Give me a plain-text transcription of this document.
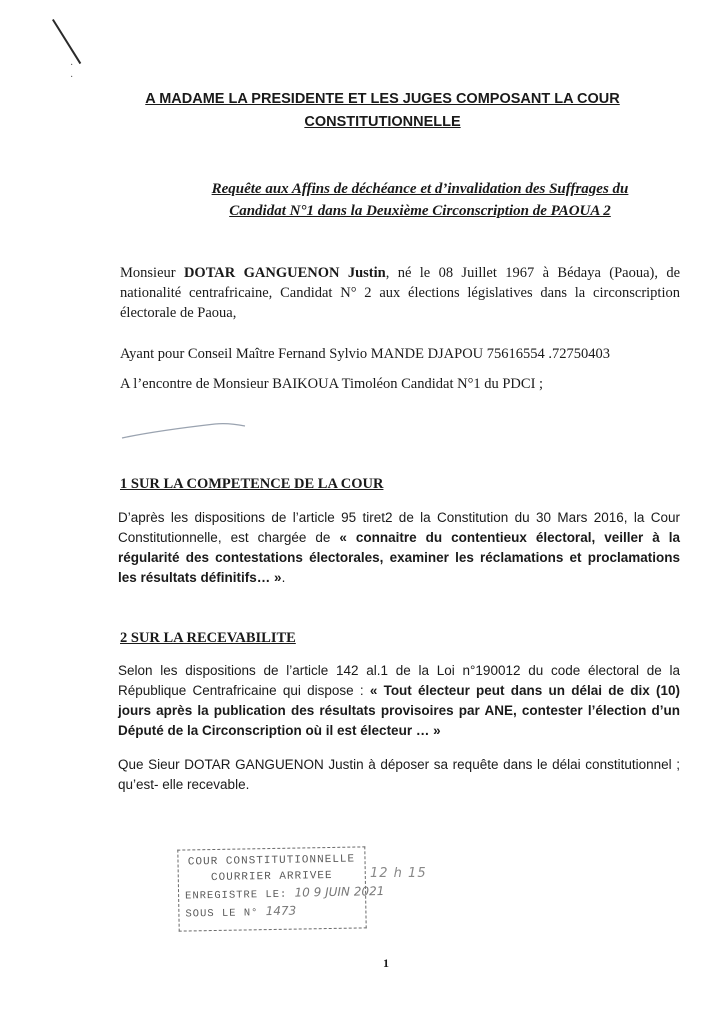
·
·
A MADAME LA PRESIDENTE ET LES JUGES COMPOSANT LA COUR
CONSTITUTIONNELLE
Requête aux Affins de déchéance et d’invalidation des Suffrages du
Candidat N°1 dans la Deuxième Circonscription de PAOUA 2
Monsieur DOTAR GANGUENON Justin, né le 08 Juillet 1967 à Bédaya (Paoua), de nationalité centrafricaine, Candidat N° 2 aux élections législatives dans la circonscription électorale de Paoua,
Ayant pour Conseil Maître Fernand Sylvio MANDE DJAPOU 75616554 .72750403
A l’encontre de Monsieur BAIKOUA Timoléon Candidat N°1 du PDCI ;
1 SUR LA COMPETENCE DE LA COUR
D’après les dispositions de l’article 95 tiret2 de la Constitution du 30 Mars 2016, la Cour Constitutionnelle, est chargée de « connaitre du contentieux électoral, veiller à la régularité des contestations électorales, examiner les réclamations et proclamations les résultats définitifs… ».
2 SUR LA RECEVABILITE
Selon les dispositions de l’article 142 al.1 de la Loi n°190012 du code électoral de la République Centrafricaine qui dispose : « Tout électeur peut dans un délai de dix (10) jours après la publication des résultats provisoires par ANE, contester l’élection d’un Député de la Circonscription où il est électeur … »
Que Sieur DOTAR GANGUENON Justin à déposer sa requête dans le délai constitutionnel ; qu’est- elle recevable.
COUR CONSTITUTIONNELLE
COURRIER ARRIVEE
ENREGISTRE LE: 10 9 JUIN 2021
SOUS LE N° 1473
12 h 15
1
